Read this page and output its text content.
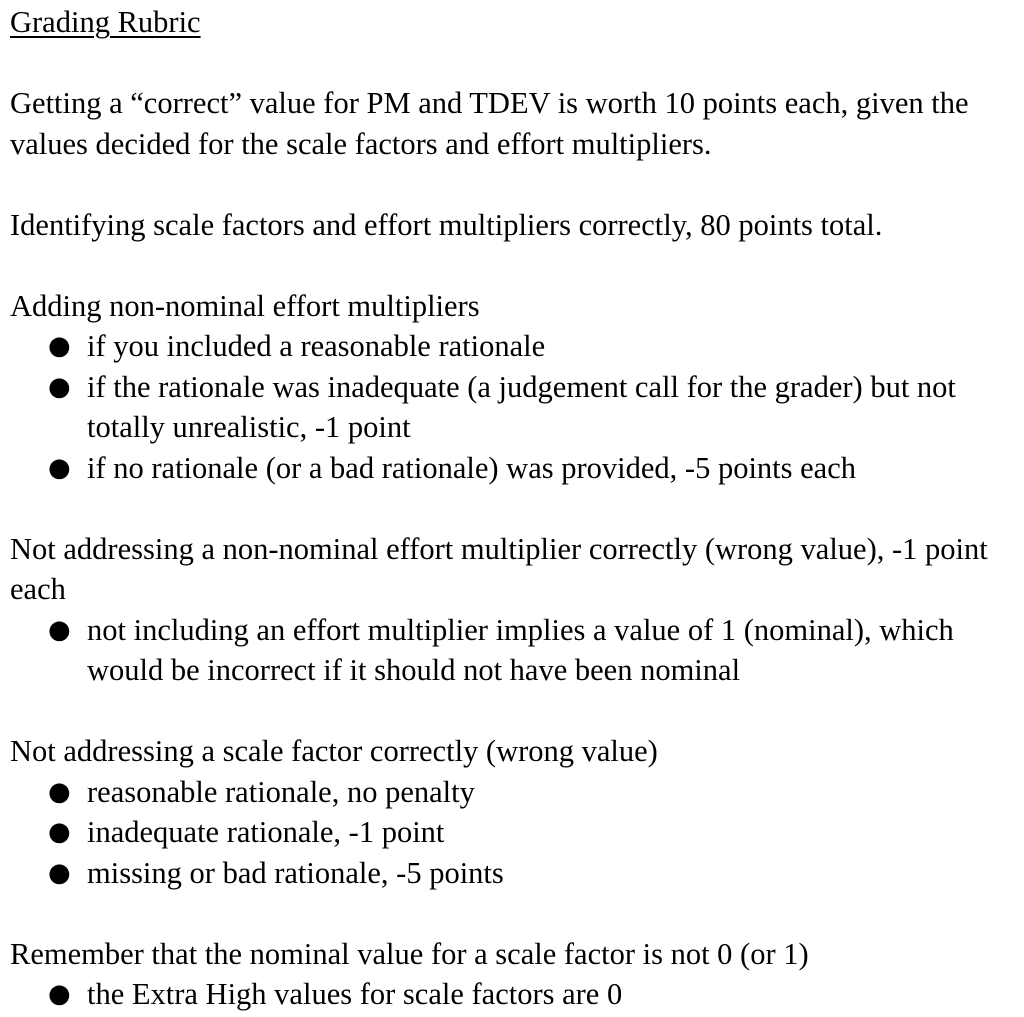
Grading Rubric

Getting a “correct” value for PM and TDEV is worth 10 points each, given the values decided for the scale factors and effort multipliers.

Identifying scale factors and effort multipliers correctly, 80 points total.

Adding non-nominal effort multipliers

● if you included a reasonable rationale
● if the rationale was inadequate (a judgement call for the grader) but not totally unrealistic, -1 point
● if no rationale (or a bad rationale) was provided, -5 points each

Not addressing a non-nominal effort multiplier correctly (wrong value), -1 point each

● not including an effort multiplier implies a value of 1 (nominal), which would be incorrect if it should not have been nominal

Not addressing a scale factor correctly (wrong value)

● reasonable rationale, no penalty
● inadequate rationale, -1 point
● missing or bad rationale, -5 points

Remember that the nominal value for a scale factor is not 0 (or 1)

● the Extra High values for scale factors are 0
